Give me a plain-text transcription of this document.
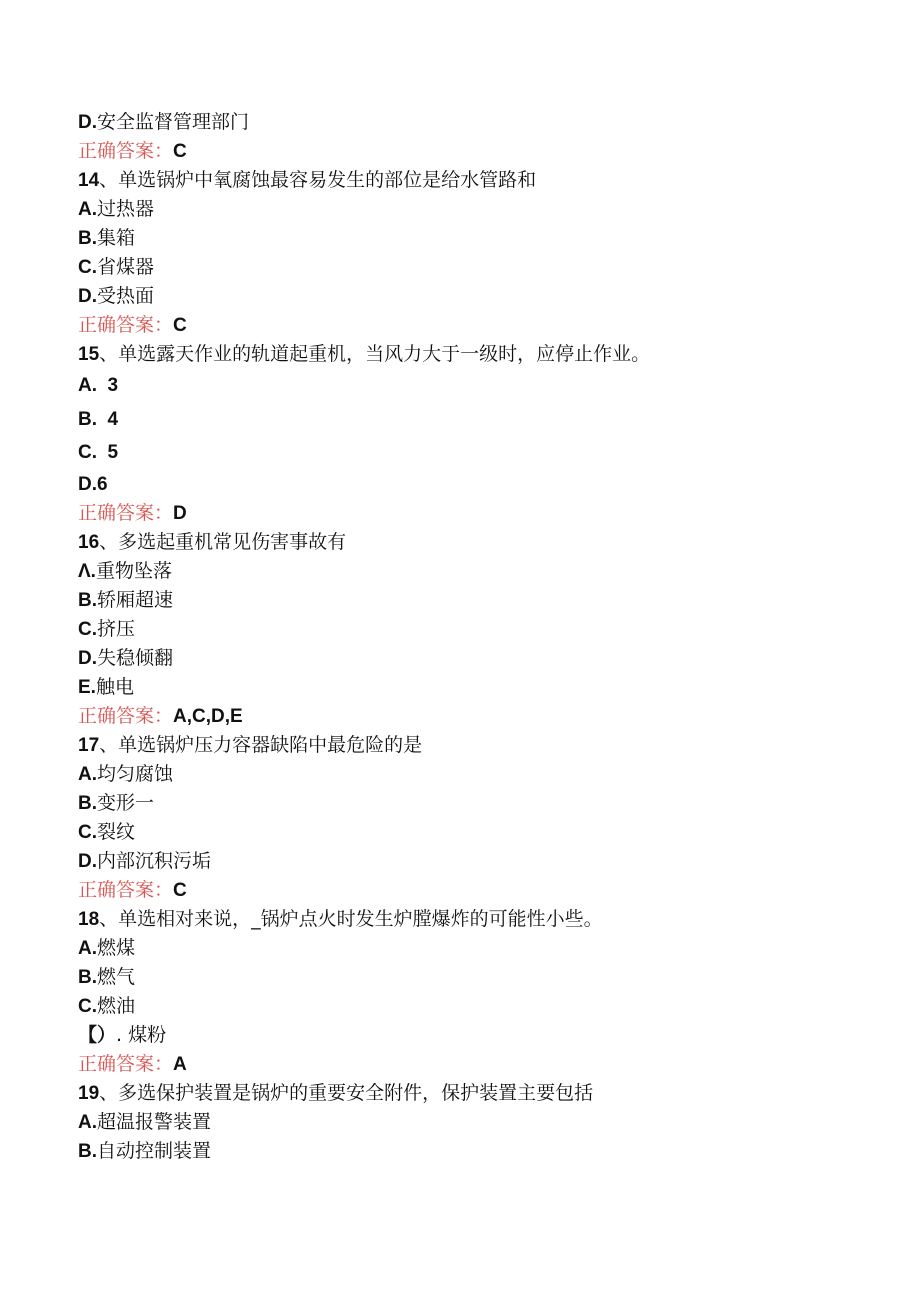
D.安全监督管理部门
正确答案：C
14、单选锅炉中氧腐蚀最容易发生的部位是给水管路和
A.过热器
B.集箱
C.省煤器
D.受热面
正确答案：C
15、单选露天作业的轨道起重机，当风力大于一级时，应停止作业。
A.  3
B.  4
C.  5
D.6
正确答案：D
16、多选起重机常见伤害事故有
Λ.重物坠落
B.轿厢超速
C.挤压
D.失稳倾翻
E.触电
正确答案：A,C,D,E
17、单选锅炉压力容器缺陷中最危险的是
A.均匀腐蚀
B.变形一
C.裂纹
D.内部沉积污垢
正确答案：C
18、单选相对来说，_锅炉点火时发生炉膛爆炸的可能性小些。
A.燃煤
B.燃气
C.燃油
【）. 煤粉
正确答案：A
19、多选保护装置是锅炉的重要安全附件，保护装置主要包括
A.超温报警装置
B.自动控制装置
